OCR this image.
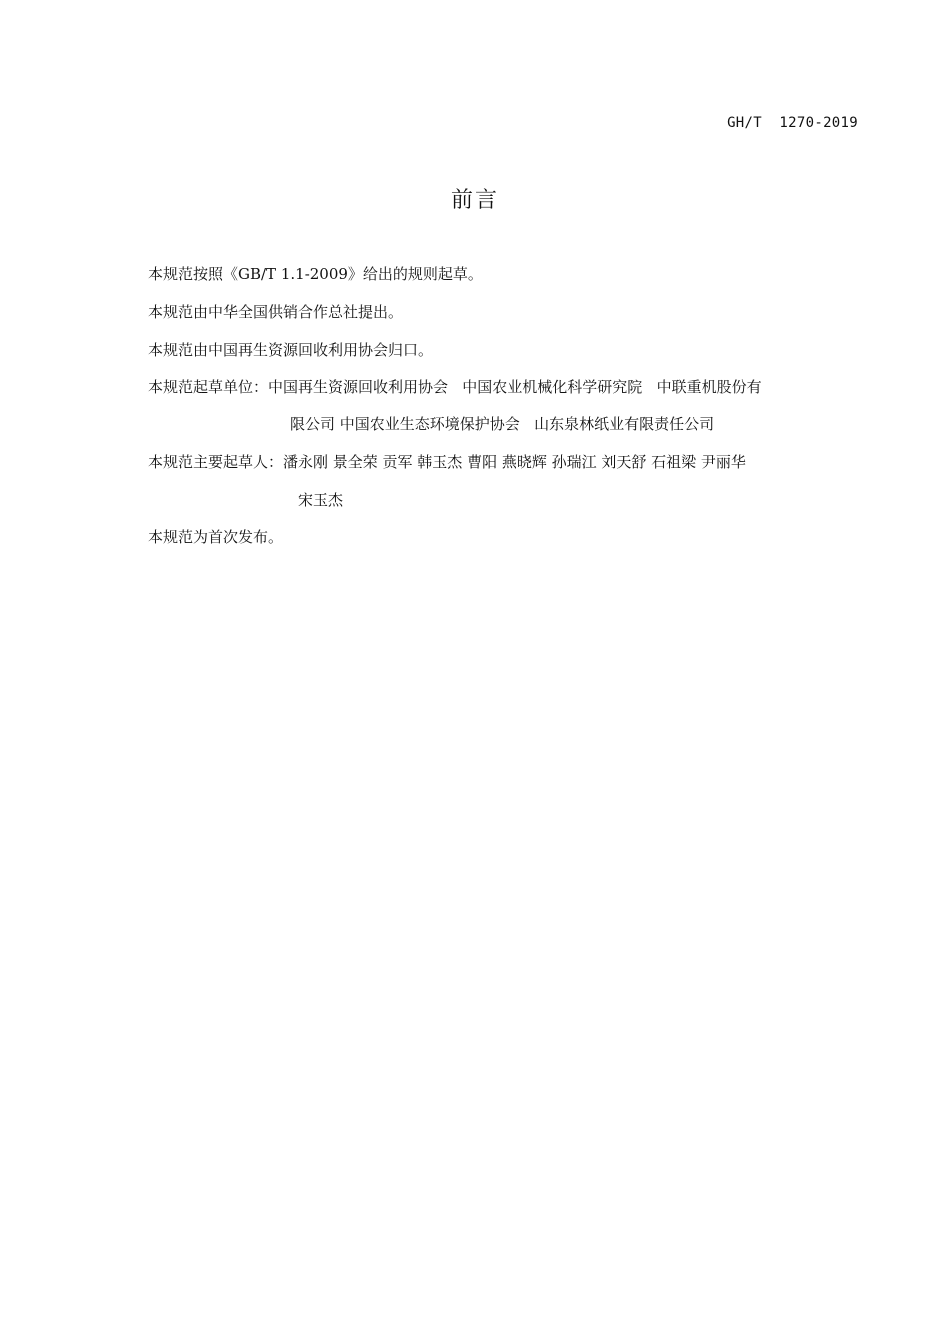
GH/T  1270-2019
前言
本规范按照《GB/T 1.1-2009》给出的规则起草。
本规范由中华全国供销合作总社提出。
本规范由中国再生资源回收利用协会归口。
本规范起草单位：中国再生资源回收利用协会   中国农业机械化科学研究院   中联重机股份有
限公司 中国农业生态环境保护协会   山东泉林纸业有限责任公司
本规范主要起草人：潘永刚 景全荣 贡军 韩玉杰 曹阳 燕晓辉 孙瑞江 刘天舒 石祖梁 尹丽华
宋玉杰
本规范为首次发布。
